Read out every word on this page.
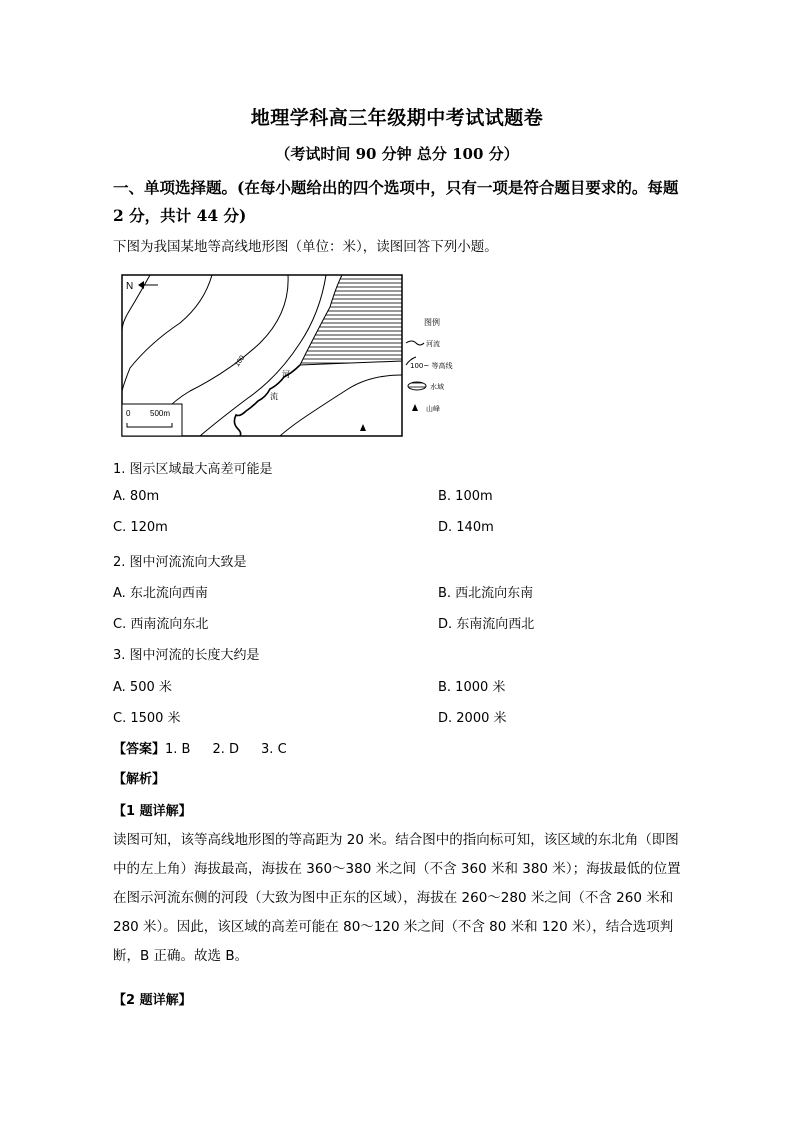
地理学科高三年级期中考试试题卷
（考试时间 90 分钟 总分 100 分）
一、单项选择题。(在每小题给出的四个选项中，只有一项是符合题目要求的。每题 2 分，共计 44 分)
下图为我国某地等高线地形图（单位：米），读图回答下列小题。
N
100
河
流
0 500m
图例
河流
100~ 等高线
水域
山峰
1. 图示区域最大高差可能是
A. 80m	B. 100m
C. 120m	D. 140m
2. 图中河流流向大致是
A. 东北流向西南	B. 西北流向东南
C. 西南流向东北	D. 东南流向西北
3. 图中河流的长度大约是
A. 500 米	B. 1000 米
C. 1500 米	D. 2000 米
【答案】1. B 2. D 3. C
【解析】
【1 题详解】
读图可知，该等高线地形图的等高距为 20 米。结合图中的指向标可知，该区域的东北角（即图中的左上角）海拔最高，海拔在 360～380 米之间（不含 360 米和 380 米）；海拔最低的位置在图示河流东侧的河段（大致为图中正东的区域），海拔在 260～280 米之间（不含 260 米和 280 米）。因此，该区域的高差可能在 80～120 米之间（不含 80 米和 120 米），结合选项判断，B 正确。故选 B。
【2 题详解】
